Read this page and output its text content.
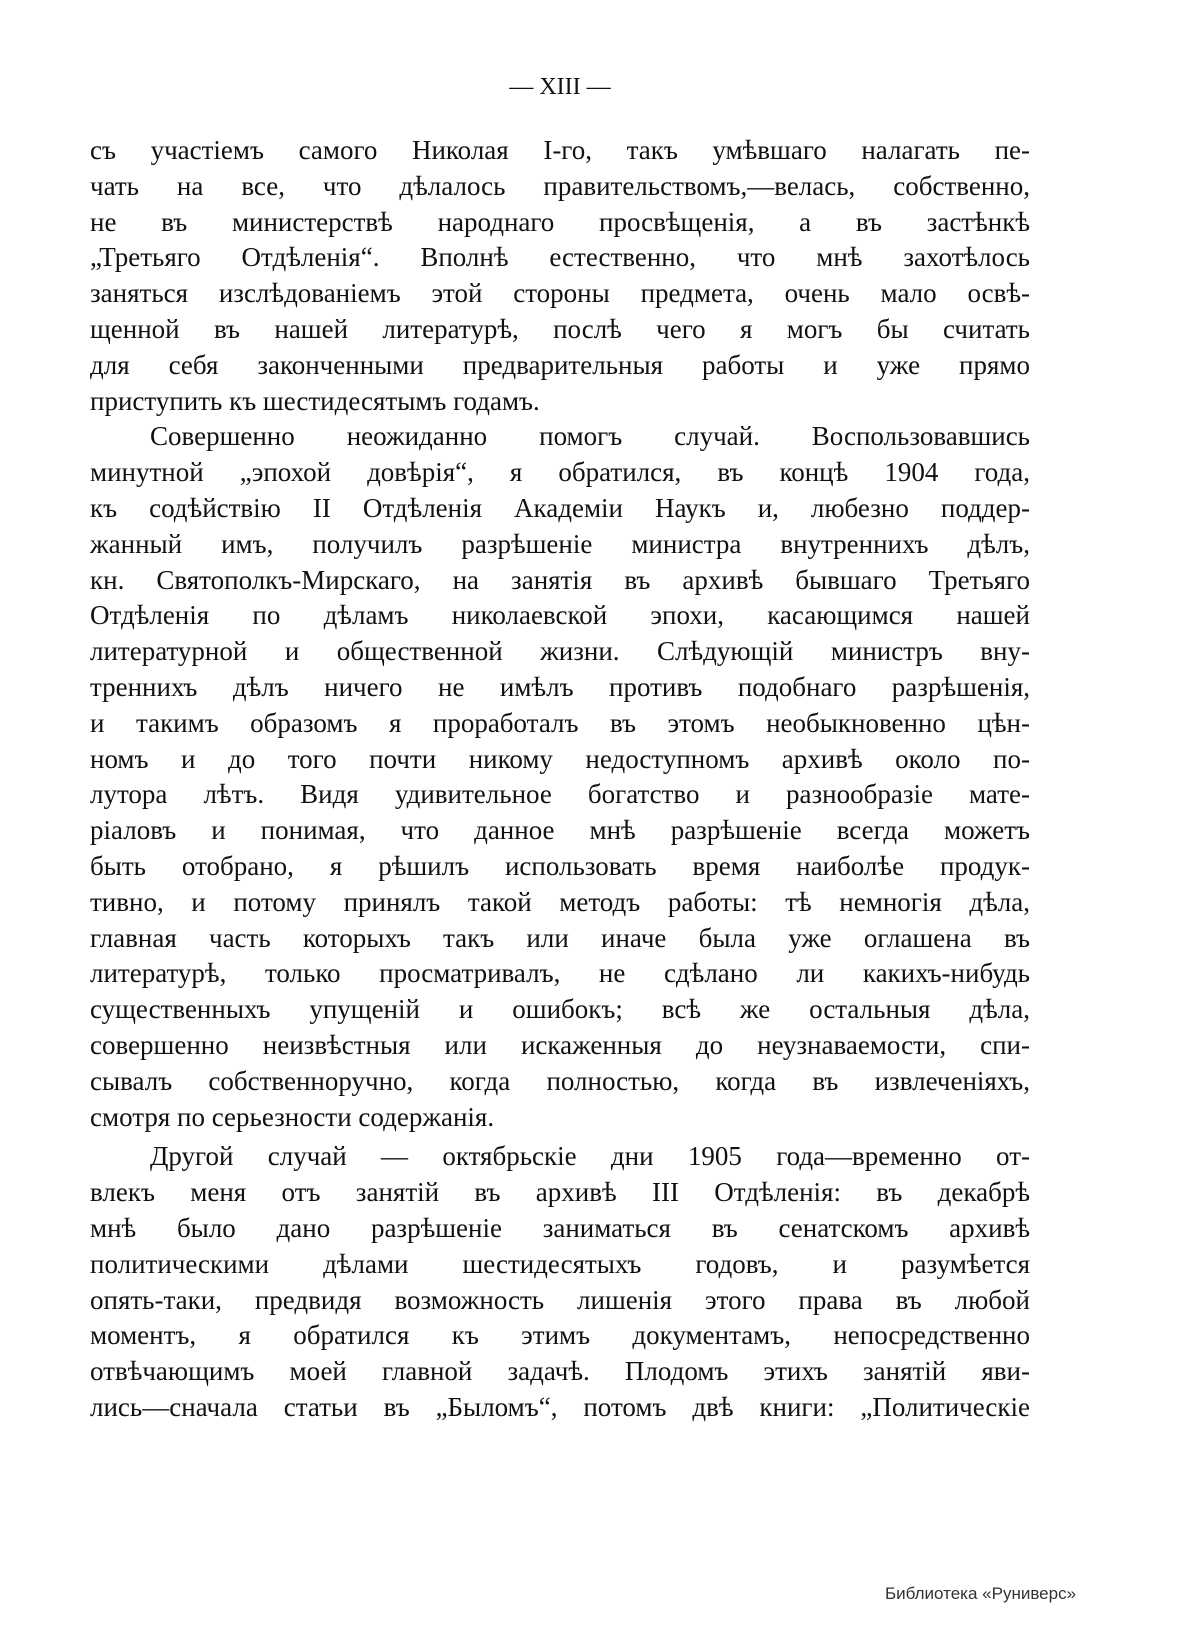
— XIII —
съ участіемъ самого Николая I-го, такъ умѣвшаго налагать пе-
чать на все, что дѣлалось правительствомъ,—велась, собственно,
не въ министерствѣ народнаго просвѣщенія, а въ застѣнкѣ
„Третьяго Отдѣленія“. Вполнѣ естественно, что мнѣ захотѣлось
заняться изслѣдованіемъ этой стороны предмета, очень мало освѣ-
щенной въ нашей литературѣ, послѣ чего я могъ бы считать
для себя законченными предварительныя работы и уже прямо
приступить къ шестидесятымъ годамъ.
Совершенно неожиданно помогъ случай. Воспользовавшись
минутной „эпохой довѣрія“, я обратился, въ концѣ 1904 года,
къ содѣйствію II Отдѣленія Академіи Наукъ и, любезно поддер-
жанный имъ, получилъ разрѣшеніе министра внутреннихъ дѣлъ,
кн. Святополкъ-Мирскаго, на занятія въ архивѣ бывшаго Третьяго
Отдѣленія по дѣламъ николаевской эпохи, касающимся нашей
литературной и общественной жизни. Слѣдующій министръ вну-
треннихъ дѣлъ ничего не имѣлъ противъ подобнаго разрѣшенія,
и такимъ образомъ я проработалъ въ этомъ необыкновенно цѣн-
номъ и до того почти никому недоступномъ архивѣ около по-
лутора лѣтъ. Видя удивительное богатство и разнообразіе мате-
ріаловъ и понимая, что данное мнѣ разрѣшеніе всегда можетъ
быть отобрано, я рѣшилъ использовать время наиболѣе продук-
тивно, и потому принялъ такой методъ работы: тѣ немногія дѣла,
главная часть которыхъ такъ или иначе была уже оглашена въ
литературѣ, только просматривалъ, не сдѣлано ли какихъ-нибудь
существенныхъ упущеній и ошибокъ; всѣ же остальныя дѣла,
совершенно неизвѣстныя или искаженныя до неузнаваемости, спи-
сывалъ собственноручно, когда полностью, когда въ извлеченіяхъ,
смотря по серьезности содержанія.
Другой случай — октябрьскіе дни 1905 года—временно от-
влекъ меня отъ занятій въ архивѣ III Отдѣленія: въ декабрѣ
мнѣ было дано разрѣшеніе заниматься въ сенатскомъ архивѣ
политическими дѣлами шестидесятыхъ годовъ, и разумѣется
опять-таки, предвидя возможность лишенія этого права въ любой
моментъ, я обратился къ этимъ документамъ, непосредственно
отвѣчающимъ моей главной задачѣ. Плодомъ этихъ занятій яви-
лись—сначала статьи въ „Быломъ“, потомъ двѣ книги: „Политическіе
Библиотека «Руниверс»
